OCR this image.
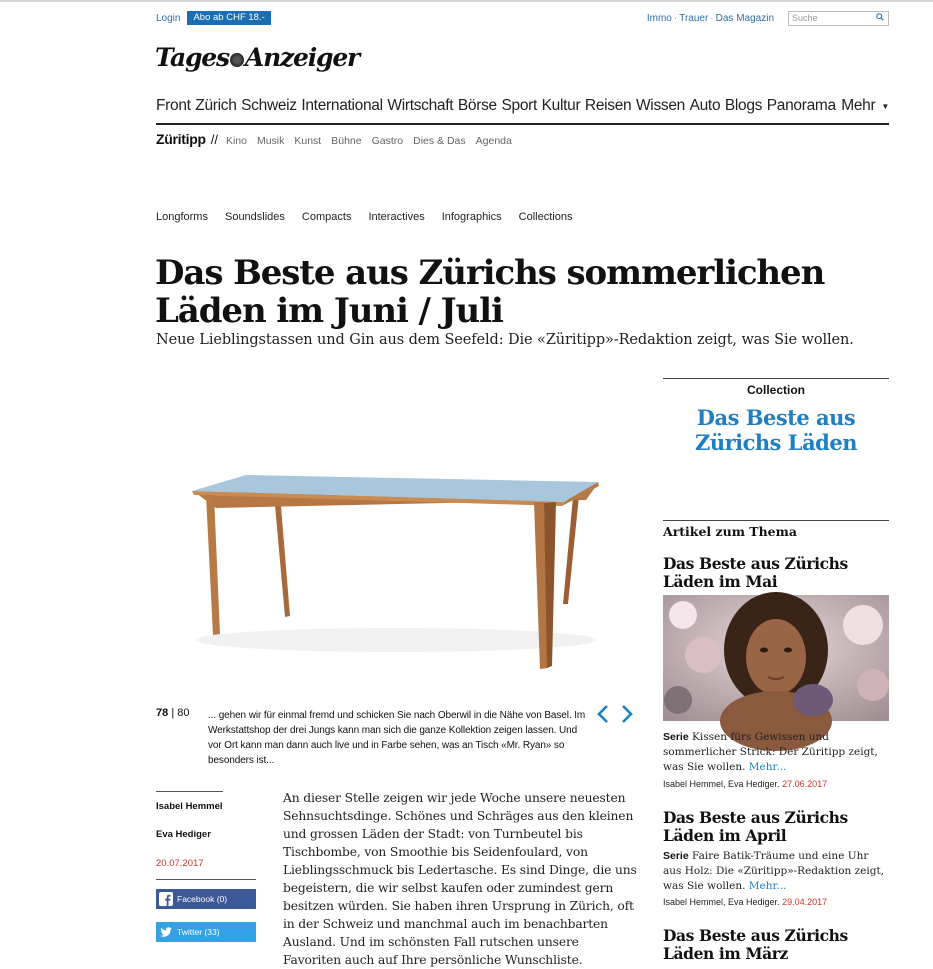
Login	Abo ab CHF 18.-	Immo · Trauer · Das Magazin	Suche
Tages Anzeiger
Front Zürich Schweiz International Wirtschaft Börse Sport Kultur Reisen Wissen Auto Blogs Panorama Mehr ▼
Züritipp // Kino Musik Kunst Bühne Gastro Dies & Das Agenda
Longforms Soundslides Compacts Interactives Infographics Collections
Das Beste aus Zürichs sommerlichen Läden im Juni / Juli

Neue Lieblingstassen und Gin aus dem Seefeld: Die «Züritipp»-Redaktion zeigt, was Sie wollen.

78 | 80 ... gehen wir für einmal fremd und schicken Sie nach Oberwil in die Nähe von Basel. Im Werkstattshop der drei Jungs kann man sich die ganze Kollektion zeigen lassen. Und vor Ort kann man dann auch live und in Farbe sehen, was an Tisch «Mr. Ryan» so besonders ist...

Isabel Hemmel
Eva Hediger
20.07.2017
Facebook (0)
Twitter (33)

An dieser Stelle zeigen wir jede Woche unsere neuesten Sehnsuchtsdinge. Schönes und Schräges aus den kleinen und grossen Läden der Stadt: von Turnbeutel bis Tischbombe, von Smoothie bis Seidenfoulard, von Lieblingsschmuck bis Ledertasche. Es sind Dinge, die uns begeistern, die wir selbst kaufen oder zumindest gern besitzen würden. Sie haben ihren Ursprung in Zürich, oft in der Schweiz und manchmal auch im benachbarten Ausland. Und im schönsten Fall rutschen unsere Favoriten auch auf Ihre persönliche Wunschliste.

Collection
Das Beste aus Zürichs Läden
Artikel zum Thema
Das Beste aus Zürichs Läden im Mai

Serie Kissen fürs Gewissen und sommerlicher Strick: Der Züritipp zeigt, was Sie wollen. Mehr...

Isabel Hemmel, Eva Hediger. 27.06.2017
Das Beste aus Zürichs Läden im April

Serie Faire Batik-Träume und eine Uhr aus Holz: Die «Züritipp»-Redaktion zeigt, was Sie wollen. Mehr...

Isabel Hemmel, Eva Hediger. 29.04.2017
Das Beste aus Zürichs Läden im März
